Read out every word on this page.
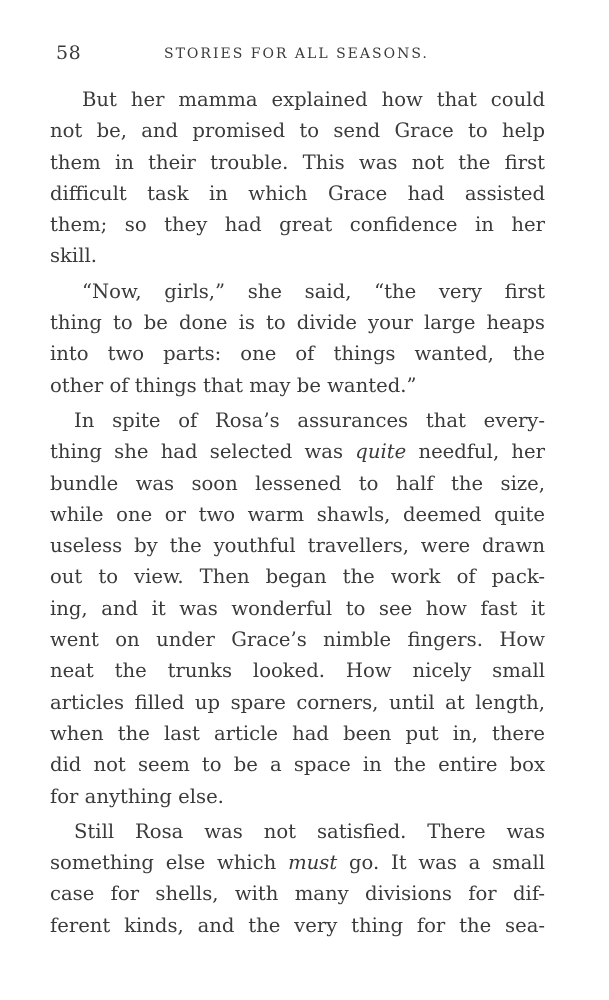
58	STORIES FOR ALL SEASONS.

But her mamma explained how that could
not be, and promised to send Grace to help
them in their trouble. This was not the first
difficult task in which Grace had assisted
them; so they had great confidence in her
skill.

“Now, girls,” she said, “the very first
thing to be done is to divide your large heaps
into two parts: one of things wanted, the
other of things that may be wanted.”

In spite of Rosa’s assurances that every-
thing she had selected was quite needful, her
bundle was soon lessened to half the size,
while one or two warm shawls, deemed quite
useless by the youthful travellers, were drawn
out to view. Then began the work of pack-
ing, and it was wonderful to see how fast it
went on under Grace’s nimble fingers. How
neat the trunks looked. How nicely small
articles filled up spare corners, until at length,
when the last article had been put in, there
did not seem to be a space in the entire box
for anything else.

Still Rosa was not satisfied. There was
something else which must go. It was a small
case for shells, with many divisions for dif-
ferent kinds, and the very thing for the sea-
